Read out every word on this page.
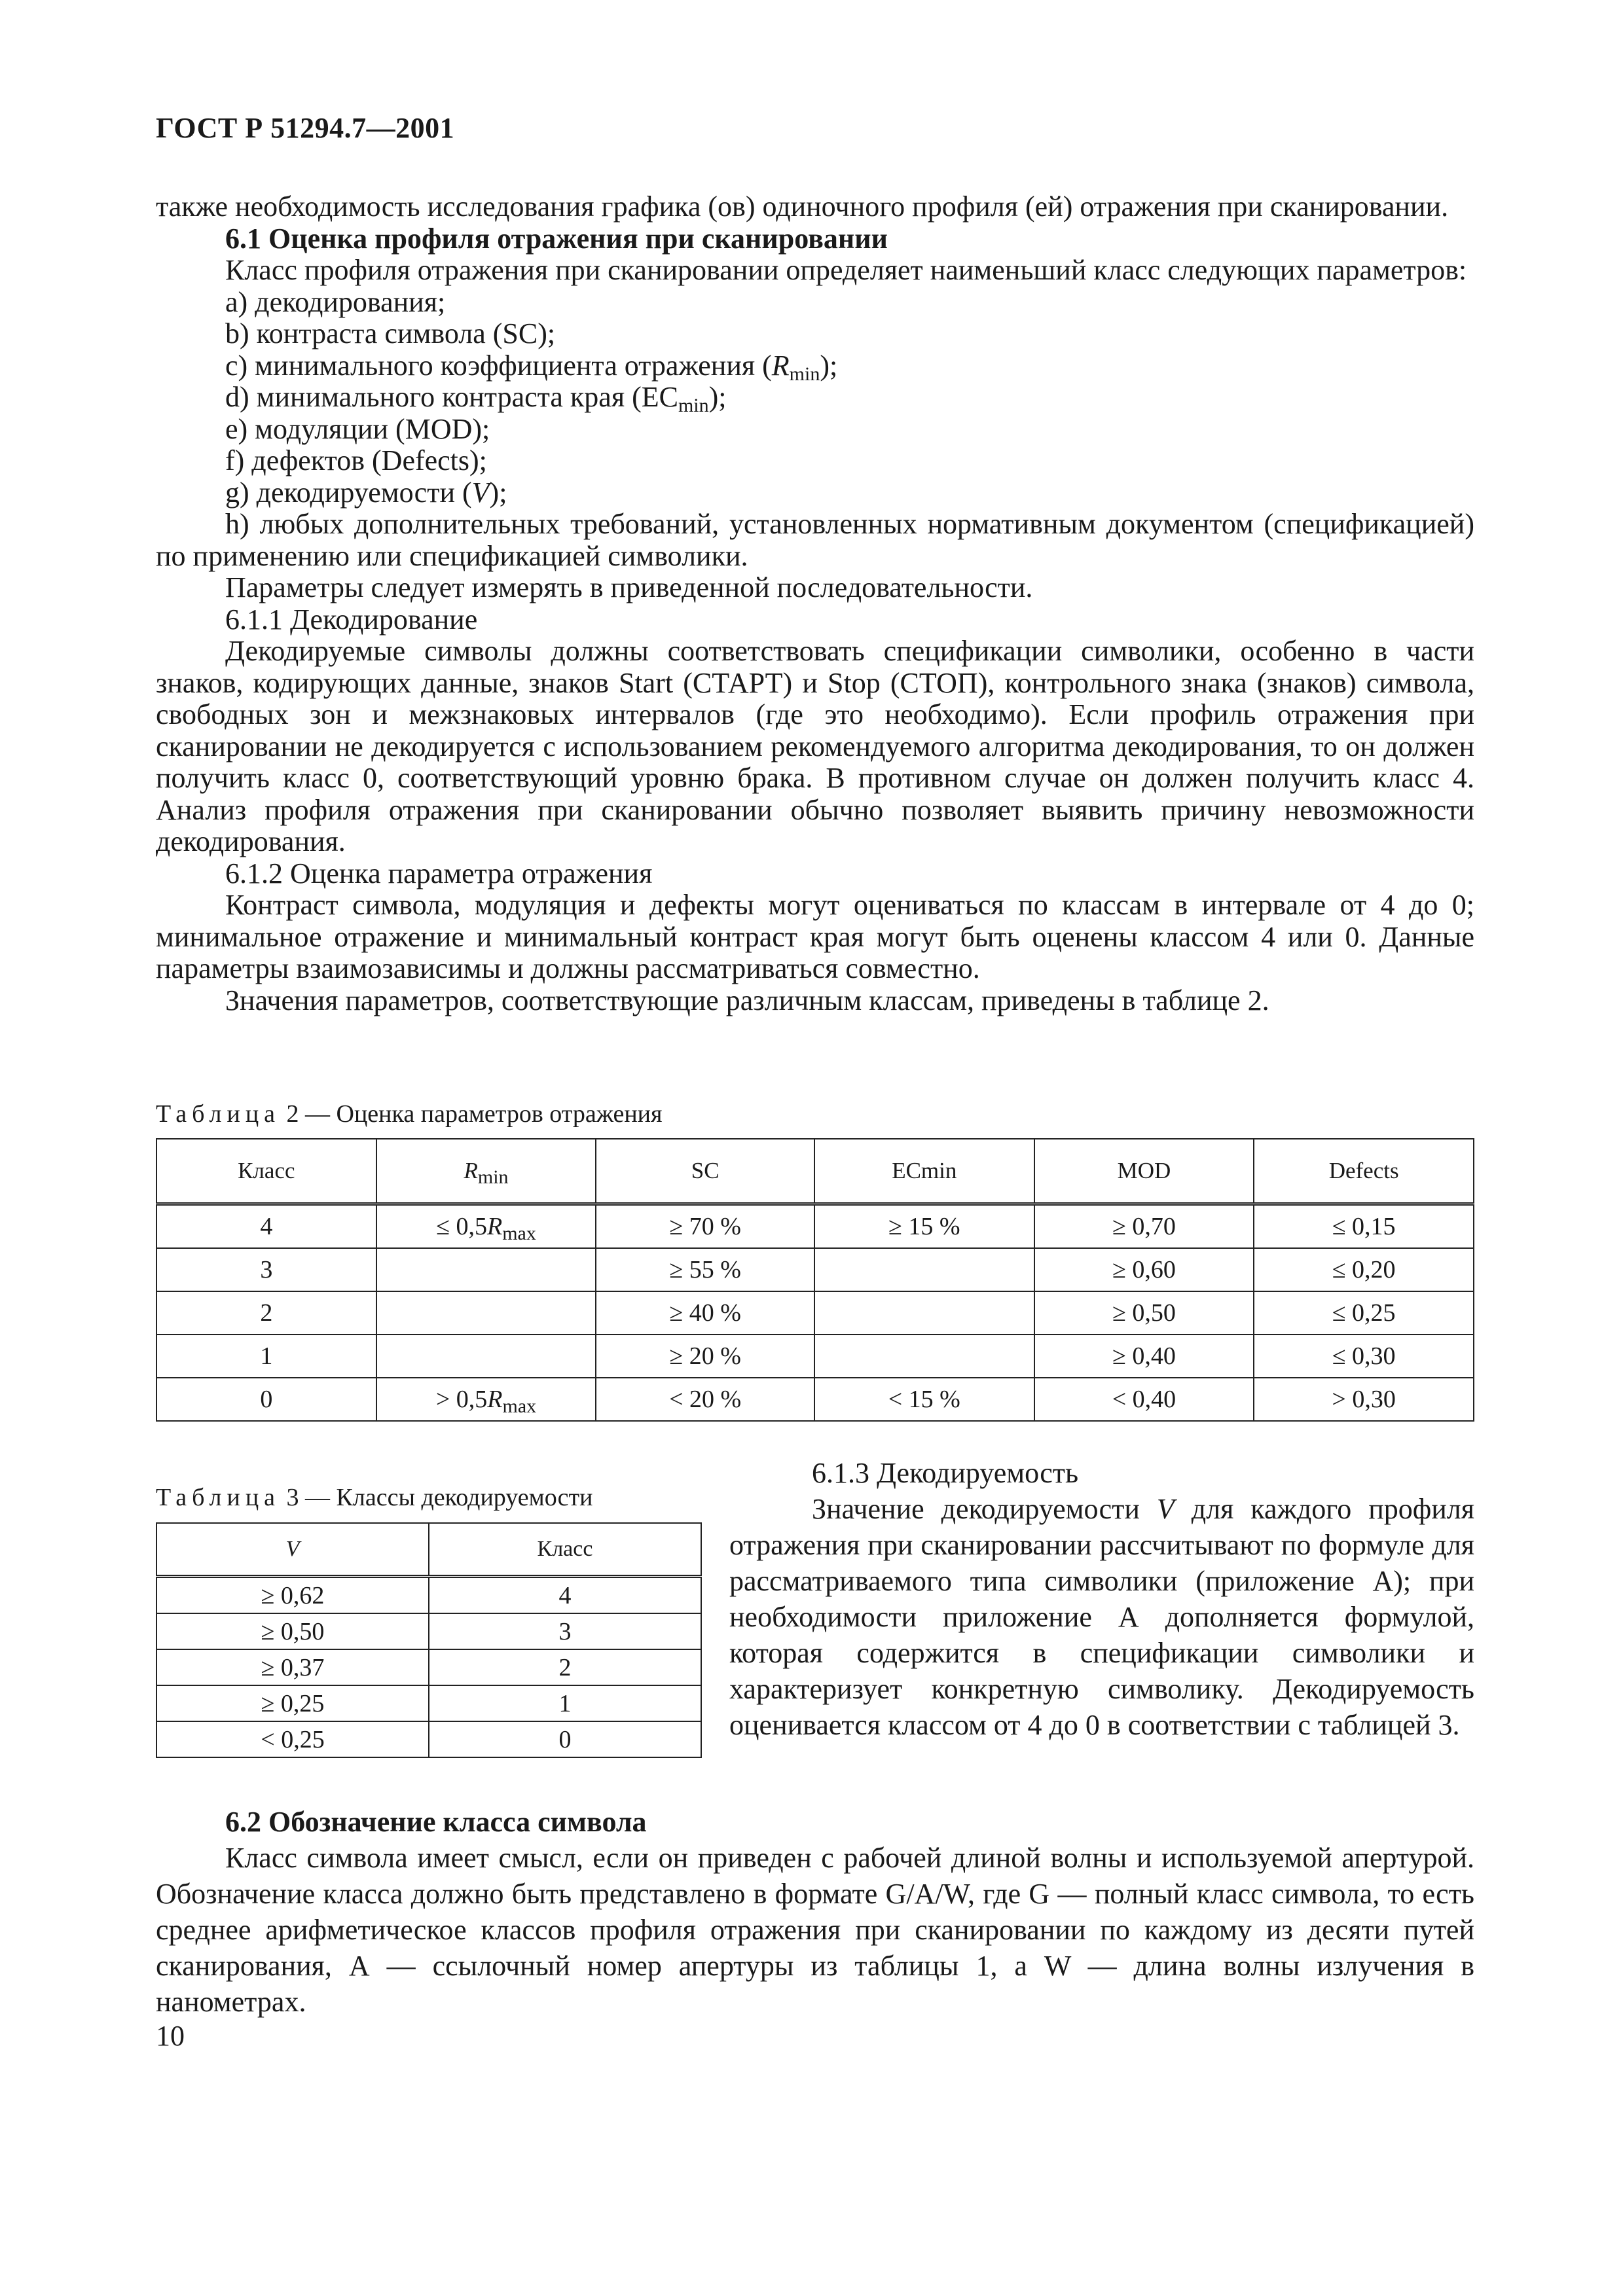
ГОСТ Р 51294.7—2001

также необходимость исследования графика (ов) одиночного профиля (ей) отражения при сканировании.

6.1 Оценка профиля отражения при сканировании

Класс профиля отражения при сканировании определяет наименьший класс следующих параметров:

а) декодирования;

b) контраста символа (SC);

с) минимального коэффициента отражения $(R_{min})$;

d) минимального контраста края $(EC_{min})$;

е) модуляции (MOD);

f) дефектов (Defects);

g) декодируемости (V);

h) любых дополнительных требований, установленных нормативным документом (спецификацией) по применению или спецификацией символики.

Параметры следует измерять в приведенной последовательности.

6.1.1 Декодирование

Декодируемые символы должны соответствовать спецификации символики, особенно в части знаков, кодирующих данные, знаков Start (СТАРТ) и Stop (СТОП), контрольного знака (знаков) символа, свободных зон и межзнаковых интервалов (где это необходимо). Если профиль отражения при сканировании не декодируется с использованием рекомендуемого алгоритма декодирования, то он должен получить класс 0, соответствующий уровню брака. В противном случае он должен получить класс 4. Анализ профиля отражения при сканировании обычно позволяет выявить причину невозможности декодирования.

6.1.2 Оценка параметра отражения

Контраст символа, модуляция и дефекты могут оцениваться по классам в интервале от 4 до 0; минимальное отражение и минимальный контраст края могут быть оценены классом 4 или 0. Данные параметры взаимозависимы и должны рассматриваться совместно.

Значения параметров, соответствующие различным классам, приведены в таблице 2.

Таблица 2 — Оценка параметров отражения
Класс	$R_{min}$	SC	ECmin	MOD	Defects
4	≤ $0,5R_{max}$	≥ 70 %	≥ 15 %	≥ 0,70	≤ 0,15
3		≥ 55 %		≥ 0,60	≤ 0,20
2		≥ 40 %		≥ 0,50	≤ 0,25
1		≥ 20 %		≥ 0,40	≤ 0,30
0	> $0,5R_{max}$	< 20 %	< 15 %	< 0,40	> 0,30
Таблица 3 — Классы декодируемости
V	Класс
≥ 0,62	4
≥ 0,50	3
≥ 0,37	2
≥ 0,25	1
< 0,25	0

6.1.3 Декодируемость

Значение декодируемости V для каждого профиля отражения при сканировании рассчитывают по формуле для рассматриваемого типа символики (приложение А); при необходимости приложение А дополняется формулой, которая содержится в спецификации символики и характеризует конкретную символику. Декодируемость оценивается классом от 4 до 0 в соответствии с таблицей 3.

6.2 Обозначение класса символа

Класс символа имеет смысл, если он приведен с рабочей длиной волны и используемой апертурой. Обозначение класса должно быть представлено в формате G/A/W, где G — полный класс символа, то есть среднее арифметическое классов профиля отражения при сканировании по каждому из десяти путей сканирования, А — ссылочный номер апертуры из таблицы 1, а W — длина волны излучения в нанометрах.

10
